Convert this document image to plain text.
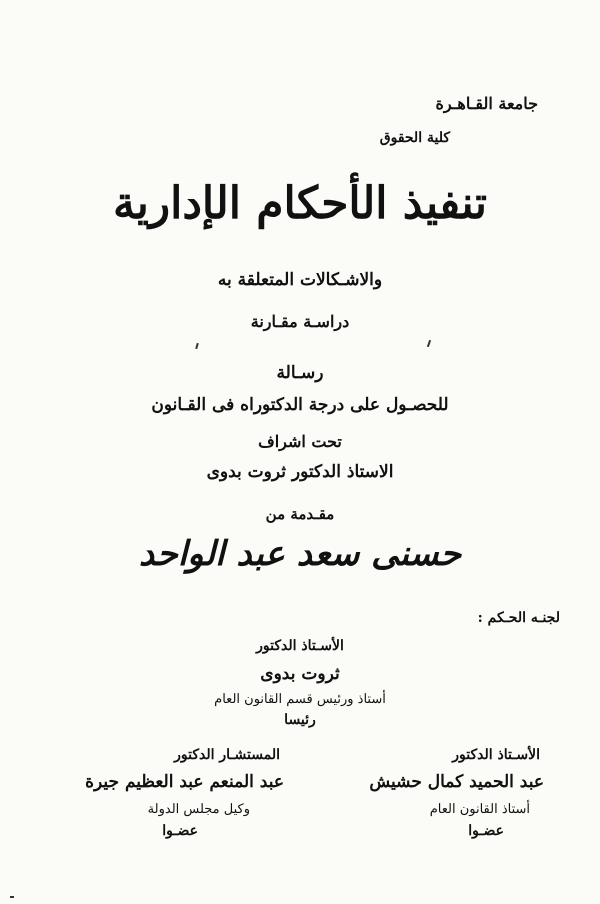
جامعة القـاهـرة
كلية الحقوق
تنفيذ الأحكام الإدارية
والاشـكالات المتعلقة به
دراسـة مقـارنة
رسـالة
للحصـول على درجة الدكتوراه فى القـانون
تحت اشراف
الاستاذ الدكتور ثروت بدوى
مقـدمة من
حسنى سعد عبد الواحد
لجنـه الحـكم :
الأسـتاذ الدكتور
ثروت بدوى
أستاذ ورئيس قسم القانون العام
رئيسا
الأسـتاذ الدكتور
عبد الحميد كمال حشيش
أستاذ القانون العام
عضـوا
المستشـار الدكتور
عبد المنعم عبد العظيم جيرة
وكيل مجلس الدولة
عضـوا
